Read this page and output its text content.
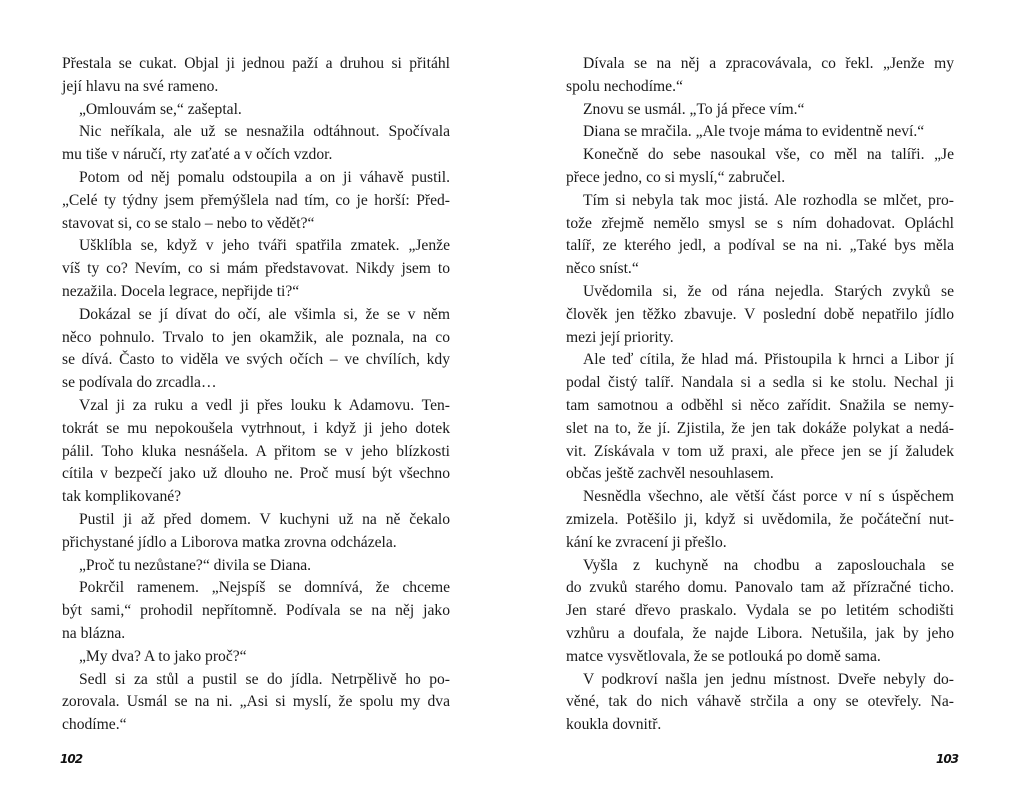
Přestala se cukat. Objal ji jednou paží a druhou si přitáhl
její hlavu na své rameno.
„Omlouvám se,“ zašeptal.
Nic neříkala, ale už se nesnažila odtáhnout. Spočívala
mu tiše v náručí, rty zaťaté a v očích vzdor.
Potom od něj pomalu odstoupila a on ji váhavě pustil.
„Celé ty týdny jsem přemýšlela nad tím, co je horší: Před-
stavovat si, co se stalo – nebo to vědět?“
Ušklíbla se, když v jeho tváři spatřila zmatek. „Jenže
víš ty co? Nevím, co si mám představovat. Nikdy jsem to
nezažila. Docela legrace, nepřijde ti?“
Dokázal se jí dívat do očí, ale všimla si, že se v něm
něco pohnulo. Trvalo to jen okamžik, ale poznala, na co
se dívá. Často to viděla ve svých očích – ve chvílích, kdy
se podívala do zrcadla…
Vzal ji za ruku a vedl ji přes louku k Adamovu. Ten-
tokrát se mu nepokoušela vytrhnout, i když ji jeho dotek
pálil. Toho kluka nesnášela. A přitom se v jeho blízkosti
cítila v bezpečí jako už dlouho ne. Proč musí být všechno
tak komplikované?
Pustil ji až před domem. V kuchyni už na ně čekalo
přichystané jídlo a Liborova matka zrovna odcházela.
„Proč tu nezůstane?“ divila se Diana.
Pokrčil ramenem. „Nejspíš se domnívá, že chceme
být sami,“ prohodil nepřítomně. Podívala se na něj jako
na blázna.
„My dva? A to jako proč?“
Sedl si za stůl a pustil se do jídla. Netrpělivě ho po-
zorovala. Usmál se na ni. „Asi si myslí, že spolu my dva
chodíme.“
Dívala se na něj a zpracovávala, co řekl. „Jenže my
spolu nechodíme.“
Znovu se usmál. „To já přece vím.“
Diana se mračila. „Ale tvoje máma to evidentně neví.“
Konečně do sebe nasoukal vše, co měl na talíři. „Je
přece jedno, co si myslí,“ zabručel.
Tím si nebyla tak moc jistá. Ale rozhodla se mlčet, pro-
tože zřejmě nemělo smysl se s ním dohadovat. Opláchl
talíř, ze kterého jedl, a podíval se na ni. „Také bys měla
něco sníst.“
Uvědomila si, že od rána nejedla. Starých zvyků se
člověk jen těžko zbavuje. V poslední době nepatřilo jídlo
mezi její priority.
Ale teď cítila, že hlad má. Přistoupila k hrnci a Libor jí
podal čistý talíř. Nandala si a sedla si ke stolu. Nechal ji
tam samotnou a odběhl si něco zařídit. Snažila se nemy-
slet na to, že jí. Zjistila, že jen tak dokáže polykat a nedá-
vit. Získávala v tom už praxi, ale přece jen se jí žaludek
občas ještě zachvěl nesouhlasem.
Nesnědla všechno, ale větší část porce v ní s úspěchem
zmizela. Potěšilo ji, když si uvědomila, že počáteční nut-
kání ke zvracení ji přešlo.
Vyšla z kuchyně na chodbu a zaposlouchala se
do zvuků starého domu. Panovalo tam až přízračné ticho.
Jen staré dřevo praskalo. Vydala se po letitém schodišti
vzhůru a doufala, že najde Libora. Netušila, jak by jeho
matce vysvětlovala, že se potlouká po domě sama.
V podkroví našla jen jednu místnost. Dveře nebyly do-
věné, tak do nich váhavě strčila a ony se otevřely. Na-
koukla dovnitř.
102	103
